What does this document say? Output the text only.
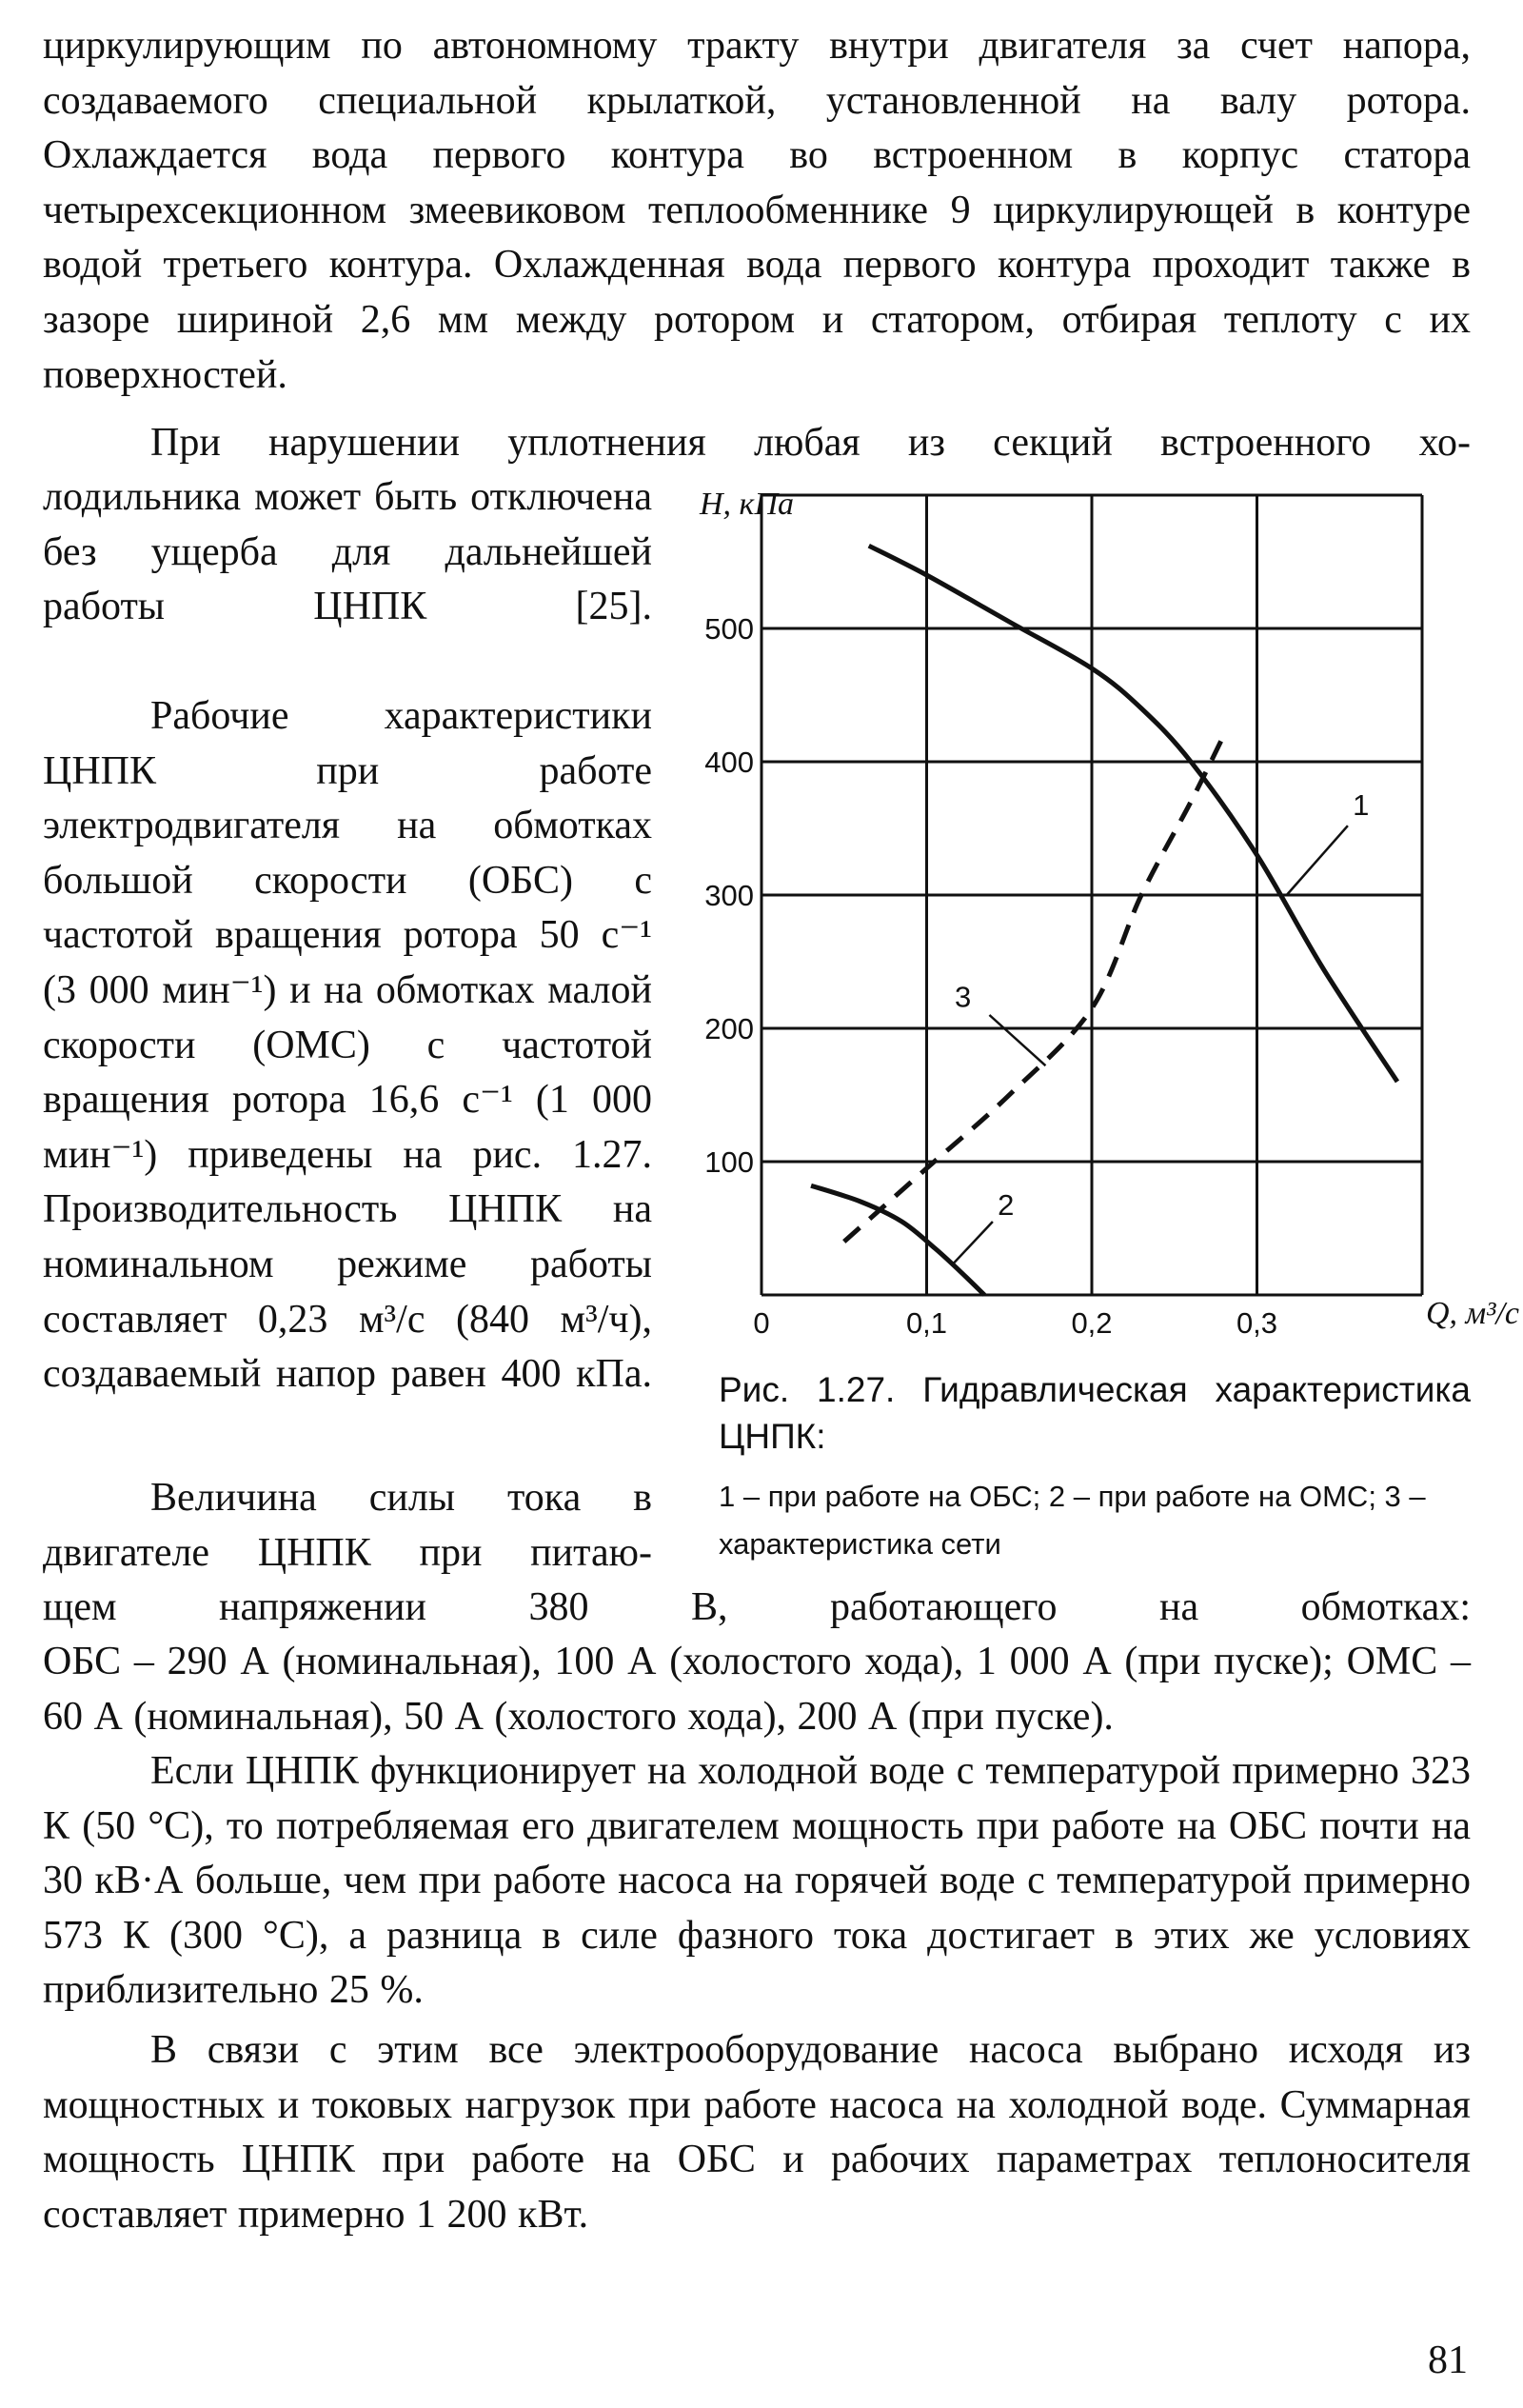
циркулирующим по автономному тракту внутри двигателя за счет напора, создаваемого специальной крылаткой, установленной на валу ротора. Охлаждается вода первого контура во встроенном в корпус статора четырехсекционном змеевиковом теплообменнике 9 циркулирующей в контуре водой третьего контура. Охлажденная вода первого контура проходит также в зазоре шириной 2,6 мм между ротором и статором, отбирая теплоту с их поверхностей.

При нарушении уплотнения любая из секций встроенного хо-

лодильника может быть отключена без ущерба для дальнейшей работы ЦНПК [25].

Рабочие характеристики ЦНПК при работе электродвигателя на обмотках большой скорости (ОБС) с частотой вращения ротора 50 с⁻¹ (3 000 мин⁻¹) и на обмотках малой скорости (ОМС) с частотой вращения ротора 16,6 с⁻¹ (1 000 мин⁻¹) приведены на рис. 1.27. Производительность ЦНПК на номинальном режиме работы составляет 0,23 м³/с (840 м³/ч), создаваемый напор равен 400 кПа.

Величина силы тока в двигателе ЦНПК при питаю-

щем напряжении 380 В, работающего на обмотках:

ОБС – 290 А (номинальная), 100 А (холостого хода), 1 000 А (при пуске); ОМС – 60 А (номинальная), 50 А (холостого хода), 200 А (при пуске).

Если ЦНПК функционирует на холодной воде с температурой примерно 323 К (50 °С), то потребляемая его двигателем мощность при работе на ОБС почти на 30 кВ·А больше, чем при работе насоса на горячей воде с температурой примерно 573 К (300 °С), а разница в силе фазного тока достигает в этих же условиях приблизительно 25 %.

В связи с этим все электрооборудование насоса выбрано исходя из мощностных и токовых нагрузок при работе насоса на холодной воде. Суммарная мощность ЦНПК при работе на ОБС и рабочих параметрах теплоносителя составляет примерно 1 200 кВт.

100
200
300
400
500
0	0,1	0,2	0,3
H, кПа
Q, м³/с
1
2
3

Рис. 1.27. Гидравлическая характеристика ЦНПК:

1 – при работе на ОБС; 2 – при работе на ОМС; 3 – характеристика сети

81
